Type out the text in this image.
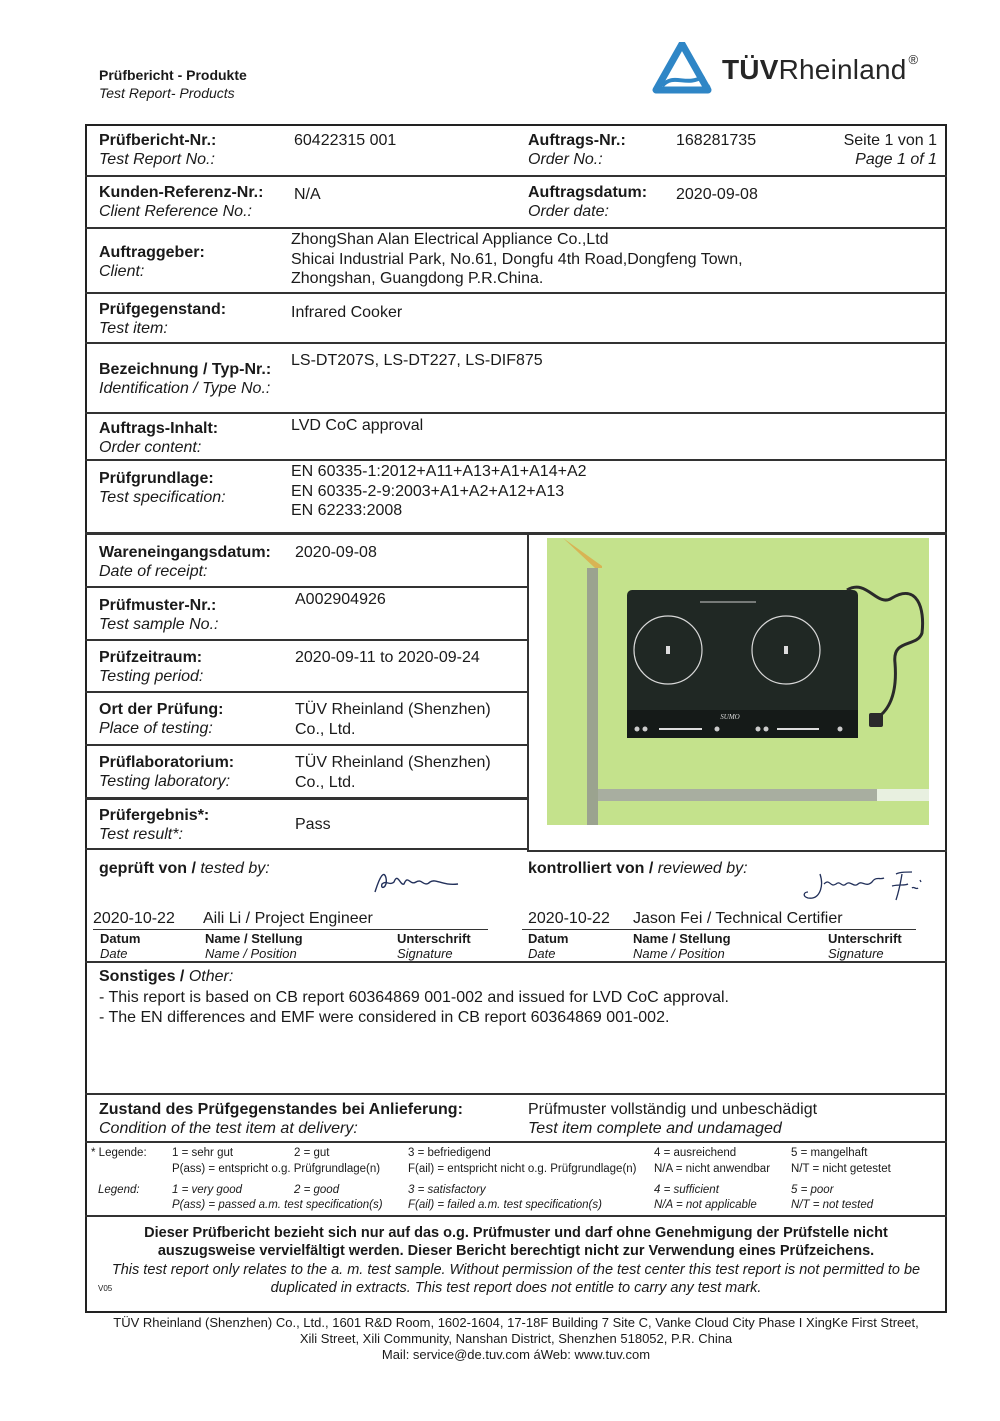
Prüfbericht - Produkte
Test Report- Products
TÜVRheinland ®
Prüfbericht-Nr.:
Test Report No.:
60422315 001	Auftrags-Nr.:
Order No.:
168281735	Seite 1 von 1
Page 1 of 1
Kunden-Referenz-Nr.:
Client Reference No.:
N/A	Auftragsdatum:
Order date:
2020-09-08
Auftraggeber:
Client:
ZhongShan Alan Electrical Appliance Co.,Ltd
Shicai Industrial Park, No.61, Dongfu 4th Road,Dongfeng Town,
Zhongshan, Guangdong P.R.China.
Prüfgegenstand:
Test item:
Infrared Cooker
Bezeichnung / Typ-Nr.:
Identification / Type No.:
LS-DT207S, LS-DT227, LS-DIF875
Auftrags-Inhalt:
Order content:
LVD CoC approval
Prüfgrundlage:
Test specification:
EN 60335-1:2012+A11+A13+A1+A14+A2
EN 60335-2-9:2003+A1+A2+A12+A13
EN 62233:2008
Wareneingangsdatum:
Date of receipt:
2020-09-08
Prüfmuster-Nr.:
Test sample No.:
A002904926
Prüfzeitraum:
Testing period:
2020-09-11 to 2020-09-24
Ort der Prüfung:
Place of testing:
TÜV Rheinland (Shenzhen)
Co., Ltd.
Prüflaboratorium:
Testing laboratory:
TÜV Rheinland (Shenzhen)
Co., Ltd.
Prüfergebnis*:
Test result*:
Pass
SUMO
geprüft von / tested by:	kontrolliert von / reviewed by:
2020-10-22 Aili Li / Project Engineer
Datum
Date
Name / Stellung
Name / Position
Unterschrift
Signature
2020-10-22 Jason Fei / Technical Certifier
Datum
Date
Name / Stellung
Name / Position
Unterschrift
Signature
Sonstiges / Other:
- This report is based on CB report 60364869 001-002 and issued for LVD CoC approval.
- The EN differences and EMF were considered in CB report 60364869 001-002.
Zustand des Prüfgegenstandes bei Anlieferung:
Condition of the test item at delivery:
Prüfmuster vollständig und unbeschädigt
Test item complete and undamaged
* Legende: 1 = sehr gut	2 = gut	3 = befriedigend	4 = ausreichend	5 = mangelhaft
P(ass) = entspricht o.g. Prüfgrundlage(n) F(ail) = entspricht nicht o.g. Prüfgrundlage(n) N/A = nicht anwendbar N/T = nicht getestet
Legend:	1 = very good	2 = good	3 = satisfactory	4 = sufficient	5 = poor
P(ass) = passed a.m. test specification(s) F(ail) = failed a.m. test specification(s)	N/A = not applicable	N/T = not tested
Dieser Prüfbericht bezieht sich nur auf das o.g. Prüfmuster und darf ohne Genehmigung der Prüfstelle nicht
auszugsweise vervielfältigt werden. Dieser Bericht berechtigt nicht zur Verwendung eines Prüfzeichens.
This test report only relates to the a. m. test sample. Without permission of the test center this test report is not permitted to be
duplicated in extracts. This test report does not entitle to carry any test mark.
V05
TÜV Rheinland (Shenzhen) Co., Ltd., 1601 R&D Room, 1602-1604, 17-18F Building 7 Site C, Vanke Cloud City Phase I XingKe First Street,
Xili Street, Xili Community, Nanshan District, Shenzhen 518052, P.R. China
Mail: service@de.tuv.com áWeb: www.tuv.com
